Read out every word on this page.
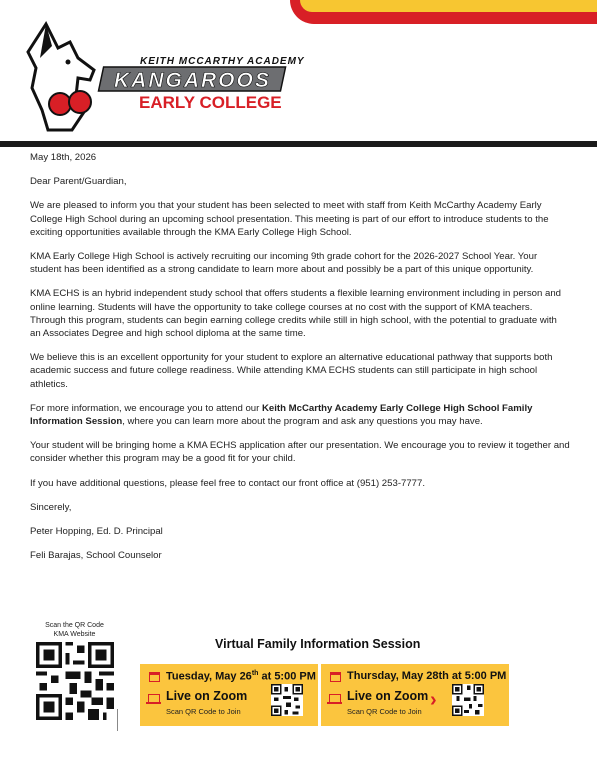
KEITH MCCARTHY ACADEMY
KANGAROOS
EARLY COLLEGE

May 18th, 2026

Dear Parent/Guardian,

We are pleased to inform you that your student has been selected to meet with staff from Keith McCarthy Academy Early College High School during an upcoming school presentation. This meeting is part of our effort to introduce students to the exciting opportunities available through the KMA Early College High School.

KMA Early College High School is actively recruiting our incoming 9th grade cohort for the 2026-2027 School Year. Your student has been identified as a strong candidate to learn more about and possibly be a part of this unique opportunity.

KMA ECHS is an hybrid independent study school that offers students a flexible learning environment including in person and online learning. Students will have the opportunity to take college courses at no cost with the support of KMA teachers. Through this program, students can begin earning college credits while still in high school, with the potential to graduate with an Associates Degree and high school diploma at the same time.

We believe this is an excellent opportunity for your student to explore an alternative educational pathway that supports both academic success and future college readiness. While attending KMA ECHS students can still participate in high school athletics.

For more information, we encourage you to attend our Keith McCarthy Academy Early College High School Family Information Session, where you can learn more about the program and ask any questions you may have.

Your student will be bringing home a KMA ECHS application after our presentation. We encourage you to review it together and consider whether this program may be a good fit for your child.

If you have additional questions, please feel free to contact our front office at (951) 253-7777.

Sincerely,

Peter Hopping, Ed. D. Principal

Feli Barajas, School Counselor

Scan the QR Code
KMA Website
Virtual Family Information Session
Tuesday, May 26th at 5:00 PM
Live on Zoom
Scan QR Code to Join
Thursday, May 28th at 5:00 PM
Live on Zoom
Scan QR Code to Join
›
